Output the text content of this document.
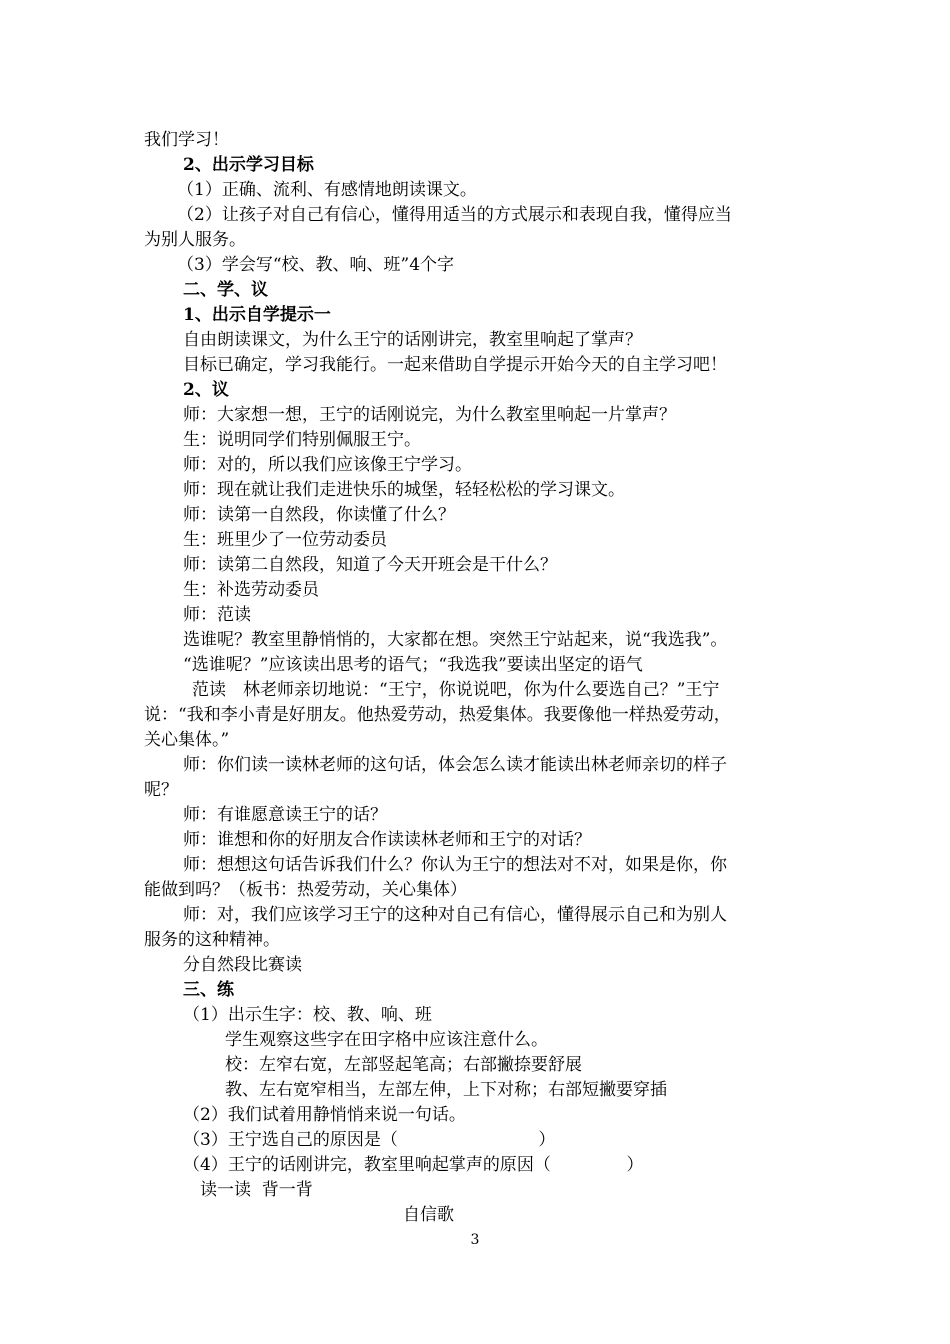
我们学习！
2、出示学习目标
（1）正确、流利、有感情地朗读课文。
（2）让孩子对自己有信心，懂得用适当的方式展示和表现自我，懂得应当
为别人服务。
（3）学会写“校、教、响、班”4个字
二、学、议
1、出示自学提示一
自由朗读课文，为什么王宁的话刚讲完，教室里响起了掌声？
目标已确定，学习我能行。一起来借助自学提示开始今天的自主学习吧！
2、议
师：大家想一想，王宁的话刚说完，为什么教室里响起一片掌声？
生：说明同学们特别佩服王宁。
师：对的，所以我们应该像王宁学习。
师：现在就让我们走进快乐的城堡，轻轻松松的学习课文。
师：读第一自然段，你读懂了什么？
生：班里少了一位劳动委员
师：读第二自然段，知道了今天开班会是干什么？
生：补选劳动委员
师：范读
选谁呢？教室里静悄悄的，大家都在想。突然王宁站起来，说“我选我”。
“选谁呢？”应该读出思考的语气；“我选我”要读出坚定的语气
范读　林老师亲切地说：“王宁，你说说吧，你为什么要选自己？”王宁
说：“我和李小青是好朋友。他热爱劳动，热爱集体。我要像他一样热爱劳动，
关心集体。”
师：你们读一读林老师的这句话，体会怎么读才能读出林老师亲切的样子
呢？
师：有谁愿意读王宁的话？
师：谁想和你的好朋友合作读读林老师和王宁的对话？
师：想想这句话告诉我们什么？你认为王宁的想法对不对，如果是你，你
能做到吗？（板书：热爱劳动，关心集体）
师：对，我们应该学习王宁的这种对自己有信心，懂得展示自己和为别人
服务的这种精神。
分自然段比赛读
三、练
（1）出示生字：校、教、响、班
学生观察这些字在田字格中应该注意什么。
校：左窄右宽，左部竖起笔高；右部撇捺要舒展
教、左右宽窄相当，左部左伸，上下对称；右部短撇要穿插
（2）我们试着用静悄悄来说一句话。
（3）王宁选自己的原因是（                          ）
（4）王宁的话刚讲完，教室里响起掌声的原因（              ）
读一读  背一背
自信歌
3
